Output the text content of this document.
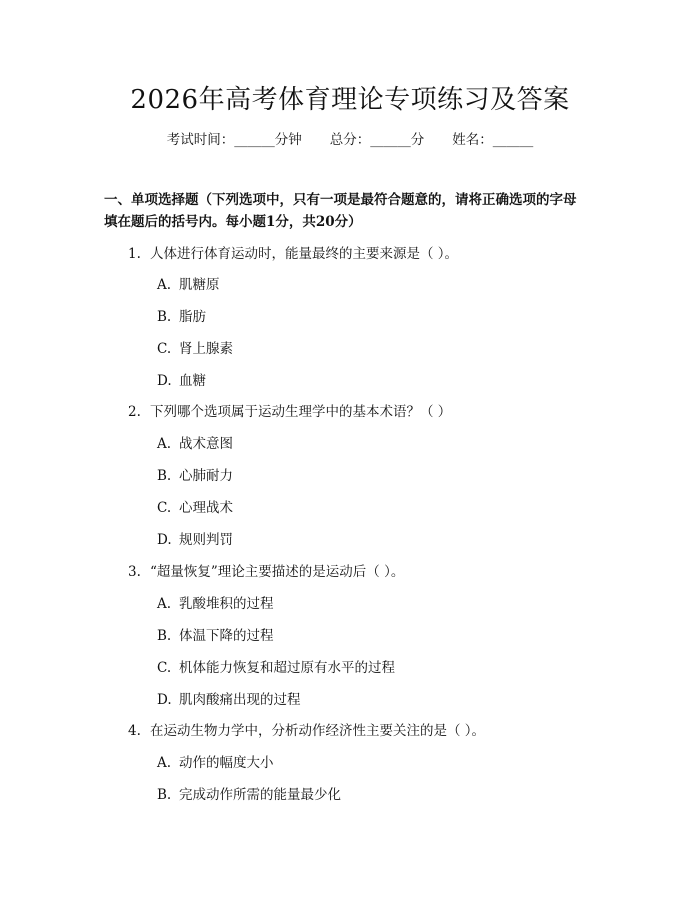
2026年高考体育理论专项练习及答案
考试时间：______分钟 总分：______分 姓名：______
一、单项选择题（下列选项中，只有一项是最符合题意的，请将正确选项的字母
填在题后的括号内。每小题1分，共20分）
1. 人体进行体育运动时，能量最终的主要来源是（ ）。
A. 肌糖原
B. 脂肪
C. 肾上腺素
D. 血糖
2. 下列哪个选项属于运动生理学中的基本术语？（ ）
A. 战术意图
B. 心肺耐力
C. 心理战术
D. 规则判罚
3. “超量恢复”理论主要描述的是运动后（ ）。
A. 乳酸堆积的过程
B. 体温下降的过程
C. 机体能力恢复和超过原有水平的过程
D. 肌肉酸痛出现的过程
4. 在运动生物力学中，分析动作经济性主要关注的是（ ）。
A. 动作的幅度大小
B. 完成动作所需的能量最少化
